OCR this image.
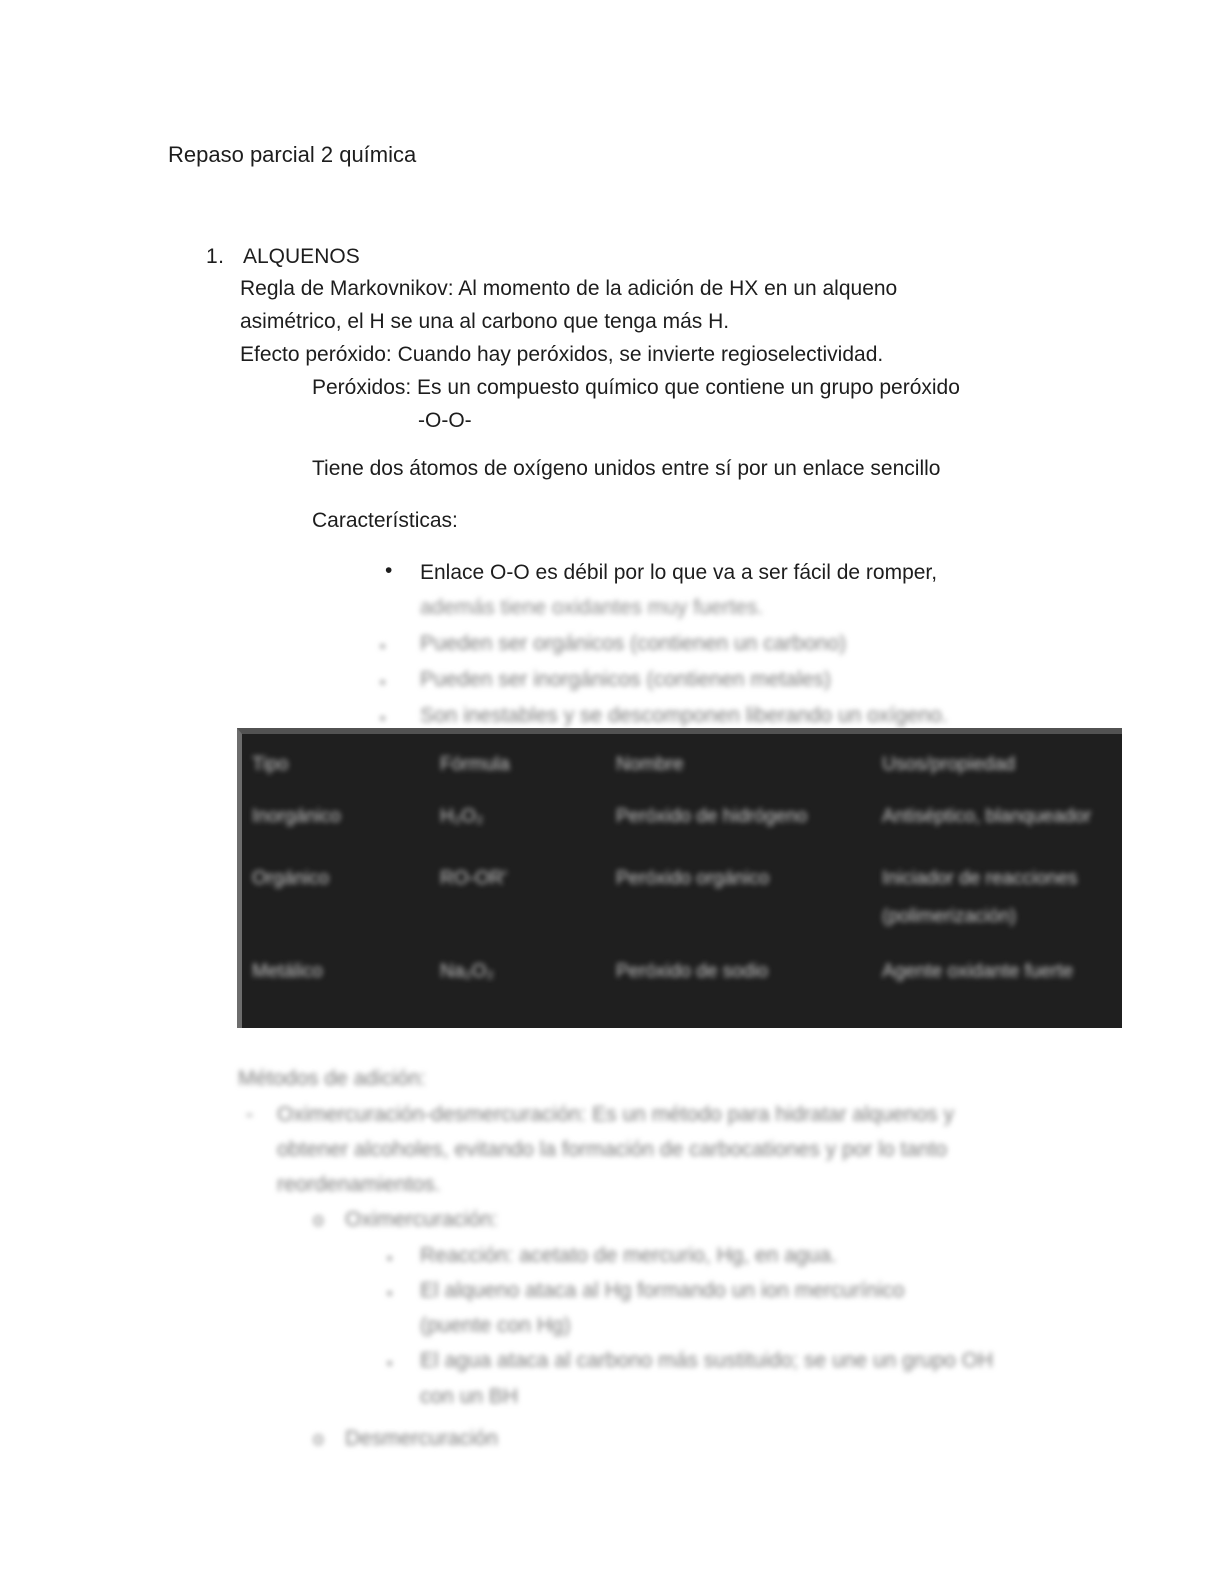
Repaso parcial 2 química
1. ALQUENOS
Regla de Markovnikov: Al momento de la adición de HX en un alqueno
asimétrico, el H se una al carbono que tenga más H.
Efecto peróxido: Cuando hay peróxidos, se invierte regioselectividad.
Peróxidos: Es un compuesto químico que contiene un grupo peróxido
-O-O-
Tiene dos átomos de oxígeno unidos entre sí por un enlace sencillo
Características:
• Enlace O-O es débil por lo que va a ser fácil de romper,
además tiene oxidantes muy fuertes.
▪ Pueden ser orgánicos (contienen un carbono)
▪ Pueden ser inorgánicos (contienen metales)
▪ Son inestables y se descomponen liberando un oxígeno.
Tipo	Fórmula	Nombre	Usos/propiedad
Inorgánico	H₂O₂	Peróxido de hidrógeno	Antiséptico, blanqueador
Orgánico	RO-OR'	Peróxido orgánico	Iniciador de reacciones (polimerización)
Metálico	Na₂O₂	Peróxido de sodio	Agente oxidante fuerte
Métodos de adición:
- Oximercuración-desmercuración: Es un método para hidratar alquenos y
obtener alcoholes, evitando la formación de carbocationes y por lo tanto
reordenamientos.
o Oximercuración:
▪ Reacción: acetato de mercurio, Hg, en agua.
▪ El alqueno ataca al Hg formando un ion mercurínico
(puente con Hg)
▪ El agua ataca al carbono más sustituido; se une un grupo OH
con un BH
o Desmercuración
